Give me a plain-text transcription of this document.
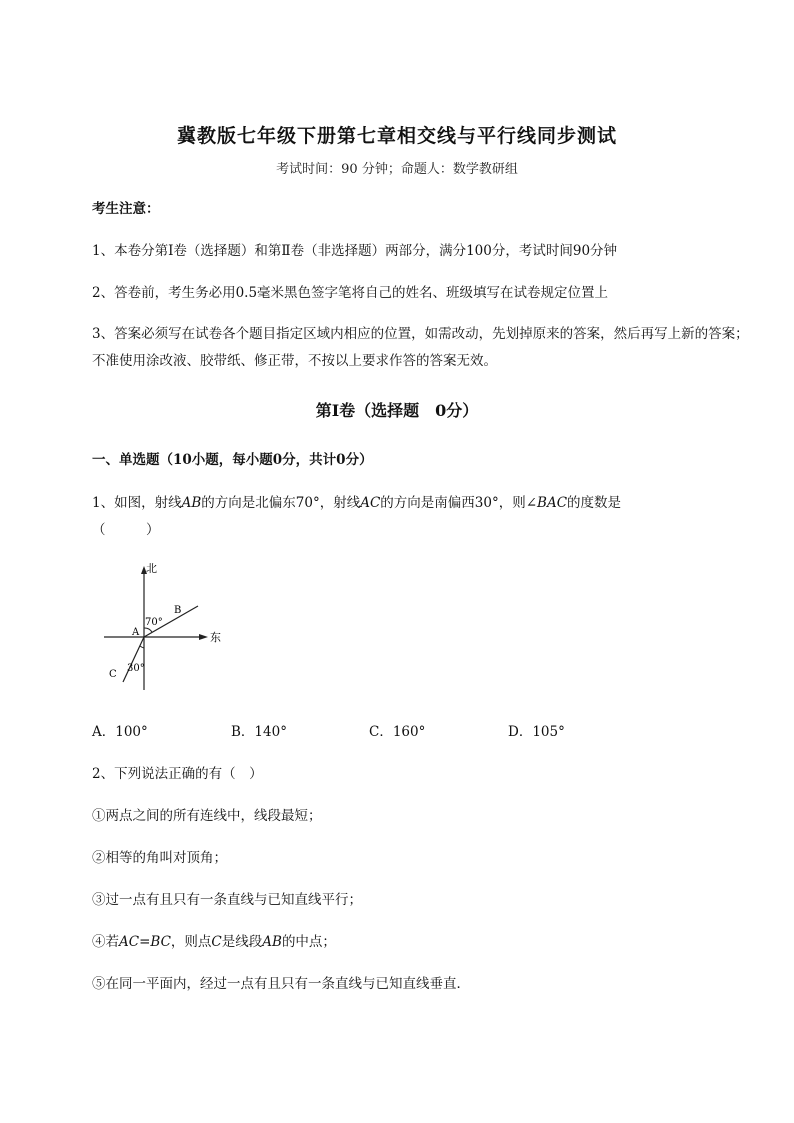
冀教版七年级下册第七章相交线与平行线同步测试
考试时间：90 分钟；命题人：数学教研组
考生注意：
1、本卷分第Ⅰ卷（选择题）和第Ⅱ卷（非选择题）两部分，满分100分，考试时间90分钟
2、答卷前，考生务必用0.5毫米黑色签字笔将自己的姓名、班级填写在试卷规定位置上
3、答案必须写在试卷各个题目指定区域内相应的位置，如需改动，先划掉原来的答案，然后再写上新的答案；不准使用涂改液、胶带纸、修正带，不按以上要求作答的答案无效。
第Ⅰ卷（选择题　0分）
一、单选题（10小题，每小题0分，共计0分）
1、如图，射线AB的方向是北偏东70°，射线AC的方向是南偏西30°，则∠BAC的度数是
（　　　）
北
东
A
B
C
70°
30°
A．100°	B．140°	C．160°	D．105°
2、下列说法正确的有（　）
①两点之间的所有连线中，线段最短；
②相等的角叫对顶角；
③过一点有且只有一条直线与已知直线平行；
④若AC=BC，则点C是线段AB的中点；
⑤在同一平面内，经过一点有且只有一条直线与已知直线垂直．
